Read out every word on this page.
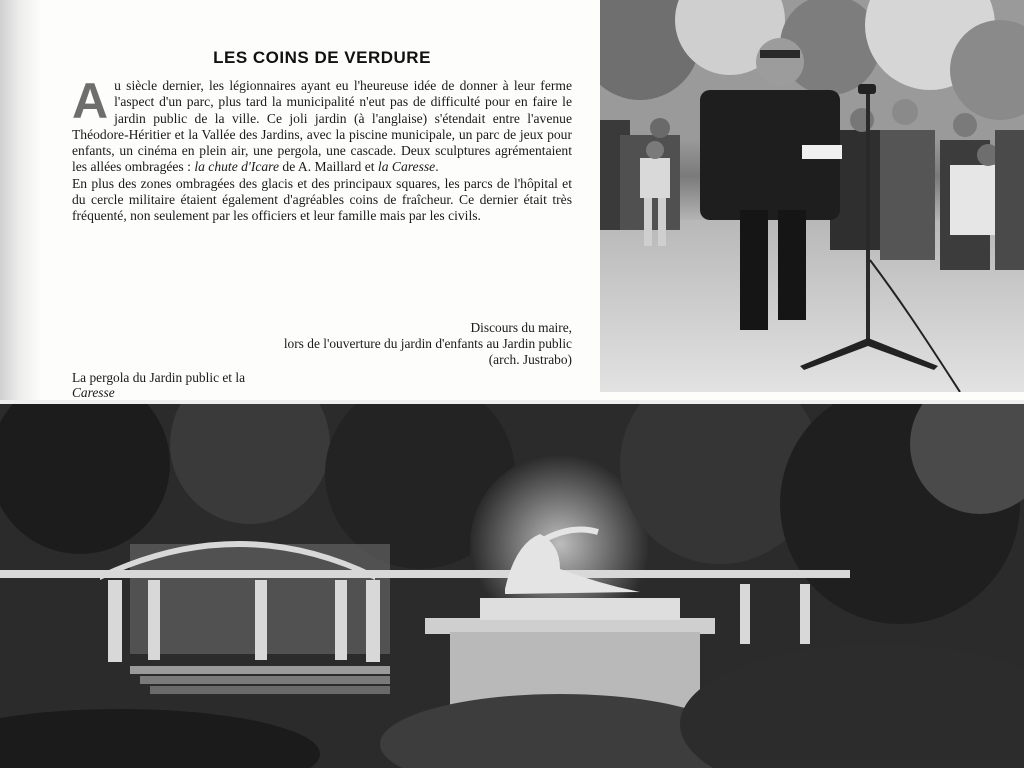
LES COINS DE VERDURE

Au siècle dernier, les légionnaires ayant eu l'heureuse idée de donner à leur ferme l'aspect d'un parc, plus tard la municipalité n'eut pas de difficulté pour en faire le jardin public de la ville. Ce joli jardin (à l'anglaise) s'étendait entre l'avenue Théodore-Héritier et la Vallée des Jardins, avec la piscine municipale, un parc de jeux pour enfants, un cinéma en plein air, une pergola, une cascade. Deux sculptures agrémentaient les allées ombragées : la chute d'Icare de A. Maillard et la Caresse.

En plus des zones ombragées des glacis et des principaux squares, les parcs de l'hôpital et du cercle militaire étaient également d'agréables coins de fraîcheur. Ce dernier était très fréquenté, non seulement par les officiers et leur famille mais par les civils.

Discours du maire,
lors de l'ouverture du jardin d'enfants au Jardin public
(arch. Justrabo)

La pergola du Jardin public et la
Caresse
